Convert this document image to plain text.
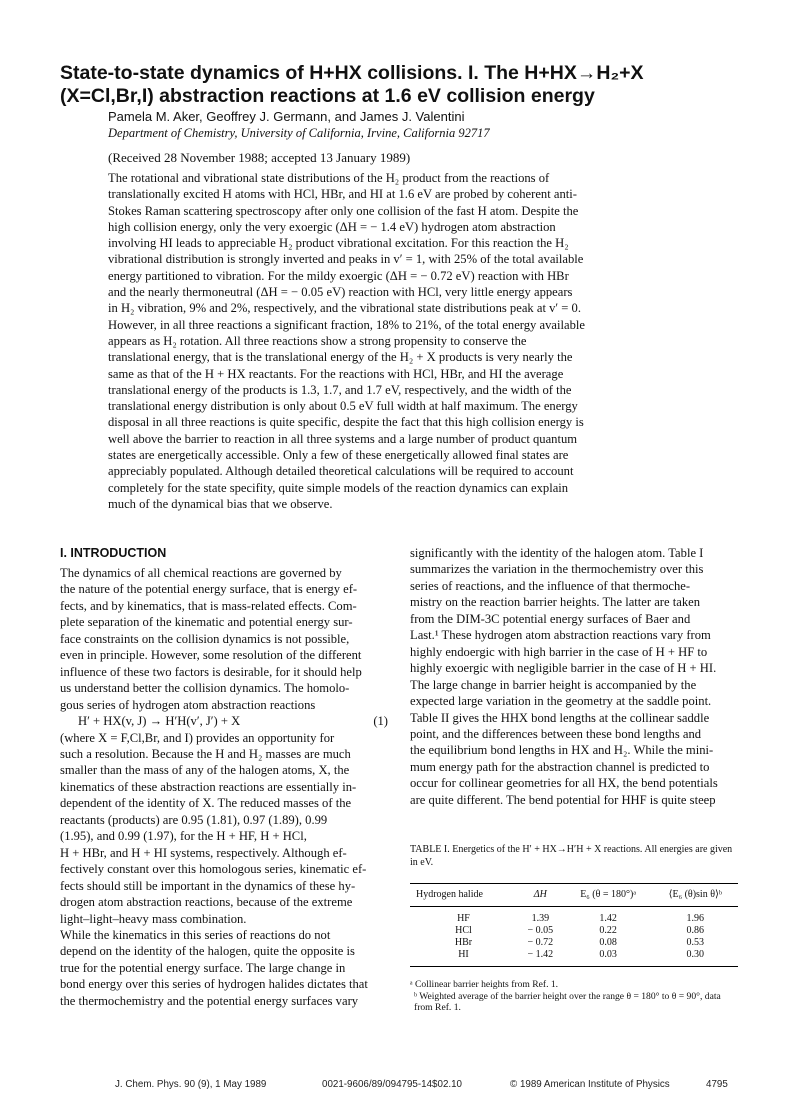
State-to-state dynamics of H+HX collisions. I. The H+HX→H₂+X
(X=Cl,Br,I) abstraction reactions at 1.6 eV collision energy
Pamela M. Aker, Geoffrey J. Germann, and James J. Valentini
Department of Chemistry, University of California, Irvine, California 92717
(Received 28 November 1988; accepted 13 January 1989)
The rotational and vibrational state distributions of the H₂ product from the reactions of
translationally excited H atoms with HCl, HBr, and HI at 1.6 eV are probed by coherent anti-
Stokes Raman scattering spectroscopy after only one collision of the fast H atom. Despite the
high collision energy, only the very exoergic (ΔH = − 1.4 eV) hydrogen atom abstraction
involving HI leads to appreciable H₂ product vibrational excitation. For this reaction the H₂
vibrational distribution is strongly inverted and peaks in v′ = 1, with 25% of the total available
energy partitioned to vibration. For the mildy exoergic (ΔH = − 0.72 eV) reaction with HBr
and the nearly thermoneutral (ΔH = − 0.05 eV) reaction with HCl, very little energy appears
in H₂ vibration, 9% and 2%, respectively, and the vibrational state distributions peak at v′ = 0.
However, in all three reactions a significant fraction, 18% to 21%, of the total energy available
appears as H₂ rotation. All three reactions show a strong propensity to conserve the
translational energy, that is the translational energy of the H₂ + X products is very nearly the
same as that of the H + HX reactants. For the reactions with HCl, HBr, and HI the average
translational energy of the products is 1.3, 1.7, and 1.7 eV, respectively, and the width of the
translational energy distribution is only about 0.5 eV full width at half maximum. The energy
disposal in all three reactions is quite specific, despite the fact that this high collision energy is
well above the barrier to reaction in all three systems and a large number of product quantum
states are energetically accessible. Only a few of these energetically allowed final states are
appreciably populated. Although detailed theoretical calculations will be required to account
completely for the state specifity, quite simple models of the reaction dynamics can explain
much of the dynamical bias that we observe.
I. INTRODUCTION
The dynamics of all chemical reactions are governed by
the nature of the potential energy surface, that is energy ef-
fects, and by kinematics, that is mass-related effects. Com-
plete separation of the kinematic and potential energy sur-
face constraints on the collision dynamics is not possible,
even in principle. However, some resolution of the different
influence of these two factors is desirable, for it should help
us understand better the collision dynamics. The homolo-
gous series of hydrogen atom abstraction reactions
H′ + HX(v, J) → H′H(v′, J′) + X	(1)
(where X = F,Cl,Br, and I) provides an opportunity for
such a resolution. Because the H and H₂ masses are much
smaller than the mass of any of the halogen atoms, X, the
kinematics of these abstraction reactions are essentially in-
dependent of the identity of X. The reduced masses of the
reactants (products) are 0.95 (1.81), 0.97 (1.89), 0.99
(1.95), and 0.99 (1.97), for the H + HF, H + HCl,
H + HBr, and H + HI systems, respectively. Although ef-
fectively constant over this homologous series, kinematic ef-
fects should still be important in the dynamics of these hy-
drogen atom abstraction reactions, because of the extreme
light–light–heavy mass combination.
While the kinematics in this series of reactions do not
depend on the identity of the halogen, quite the opposite is
true for the potential energy surface. The large change in
bond energy over this series of hydrogen halides dictates that
the thermochemistry and the potential energy surfaces vary
significantly with the identity of the halogen atom. Table I
summarizes the variation in the thermochemistry over this
series of reactions, and the influence of that thermoche-
mistry on the reaction barrier heights. The latter are taken
from the DIM-3C potential energy surfaces of Baer and
Last.¹ These hydrogen atom abstraction reactions vary from
highly endoergic with high barrier in the case of H + HF to
highly exoergic with negligible barrier in the case of H + HI.
The large change in barrier height is accompanied by the
expected large variation in the geometry at the saddle point.
Table II gives the HHX bond lengths at the collinear saddle
point, and the differences between these bond lengths and
the equilibrium bond lengths in HX and H₂. While the mini-
mum energy path for the abstraction channel is predicted to
occur for collinear geometries for all HX, the bend potentials
are quite different. The bend potential for HHF is quite steep
TABLE I. Energetics of the H′ + HX→H′H + X reactions. All energies are given in eV.
Hydrogen halide	ΔH	E₆ (θ = 180°)ᵃ	⟨E₆ (θ)sin θ⟩ᵇ
HF	1.39	1.42	1.96
HCl	− 0.05	0.22	0.86
HBr	− 0.72	0.08	0.53
HI	− 1.42	0.03	0.30
ᵃ Collinear barrier heights from Ref. 1.
ᵇ Weighted average of the barrier height over the range θ = 180° to θ = 90°, data from Ref. 1.
J. Chem. Phys. 90 (9), 1 May 1989	0021-9606/89/094795-14$02.10	© 1989 American Institute of Physics	4795
